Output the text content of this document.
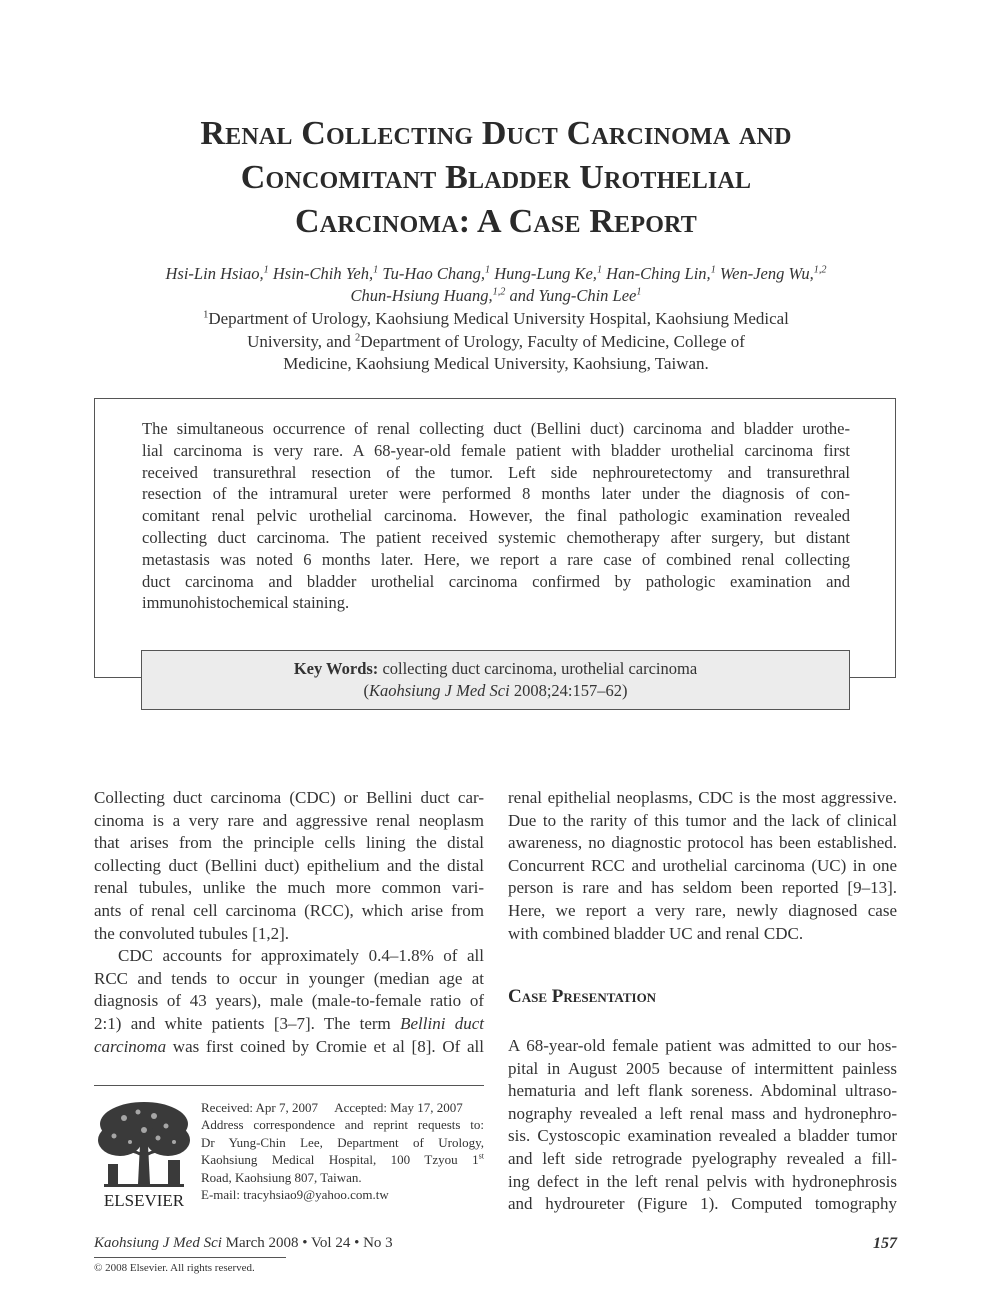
Renal Collecting Duct Carcinoma and
Concomitant Bladder Urothelial
Carcinoma: A Case Report
Hsi-Lin Hsiao,$^1$ Hsin-Chih Yeh,$^1$ Tu-Hao Chang,$^1$ Hung-Lung Ke,$^1$ Han-Ching Lin,$^1$ Wen-Jeng Wu,$^{1,2}$
Chun-Hsiung Huang,$^{1,2}$ and Yung-Chin Lee$^1$
$^1$Department of Urology, Kaohsiung Medical University Hospital, Kaohsiung Medical
University, and $^2$Department of Urology, Faculty of Medicine, College of
Medicine, Kaohsiung Medical University, Kaohsiung, Taiwan.
The simultaneous occurrence of renal collecting duct (Bellini duct) carcinoma and bladder urothe-
lial carcinoma is very rare. A 68-year-old female patient with bladder urothelial carcinoma first
received transurethral resection of the tumor. Left side nephrouretectomy and transurethral
resection of the intramural ureter were performed 8 months later under the diagnosis of con-
comitant renal pelvic urothelial carcinoma. However, the final pathologic examination revealed
collecting duct carcinoma. The patient received systemic chemotherapy after surgery, but distant
metastasis was noted 6 months later. Here, we report a rare case of combined renal collecting
duct carcinoma and bladder urothelial carcinoma confirmed by pathologic examination and
immunohistochemical staining.
Key Words: collecting duct carcinoma, urothelial carcinoma
(Kaohsiung J Med Sci 2008;24:157–62)
Collecting duct carcinoma (CDC) or Bellini duct car-
cinoma is a very rare and aggressive renal neoplasm
that arises from the principle cells lining the distal
collecting duct (Bellini duct) epithelium and the distal
renal tubules, unlike the much more common vari-
ants of renal cell carcinoma (RCC), which arise from
the convoluted tubules [1,2].
CDC accounts for approximately 0.4–1.8% of all
RCC and tends to occur in younger (median age at
diagnosis of 43 years), male (male-to-female ratio of
2:1) and white patients [3–7]. The term Bellini duct
carcinoma was first coined by Cromie et al [8]. Of all
renal epithelial neoplasms, CDC is the most aggressive.
Due to the rarity of this tumor and the lack of clinical
awareness, no diagnostic protocol has been established.
Concurrent RCC and urothelial carcinoma (UC) in one
person is rare and has seldom been reported [9–13].
Here, we report a very rare, newly diagnosed case
with combined bladder UC and renal CDC.
Case Presentation
A 68-year-old female patient was admitted to our hos-
pital in August 2005 because of intermittent painless
hematuria and left flank soreness. Abdominal ultraso-
nography revealed a left renal mass and hydronephro-
sis. Cystoscopic examination revealed a bladder tumor
and left side retrograde pyelography revealed a fill-
ing defect in the left renal pelvis with hydronephrosis
and hydroureter (Figure 1). Computed tomography
ELSEVIER
Received: Apr 7, 2007 Accepted: May 17, 2007
Address correspondence and reprint requests to:
Dr Yung-Chin Lee, Department of Urology,
Kaohsiung Medical Hospital, 100 Tzyou 1st
Road, Kaohsiung 807, Taiwan.
E-mail: tracyhsiao9@yahoo.com.tw
Kaohsiung J Med Sci March 2008 • Vol 24 • No 3	157
© 2008 Elsevier. All rights reserved.
